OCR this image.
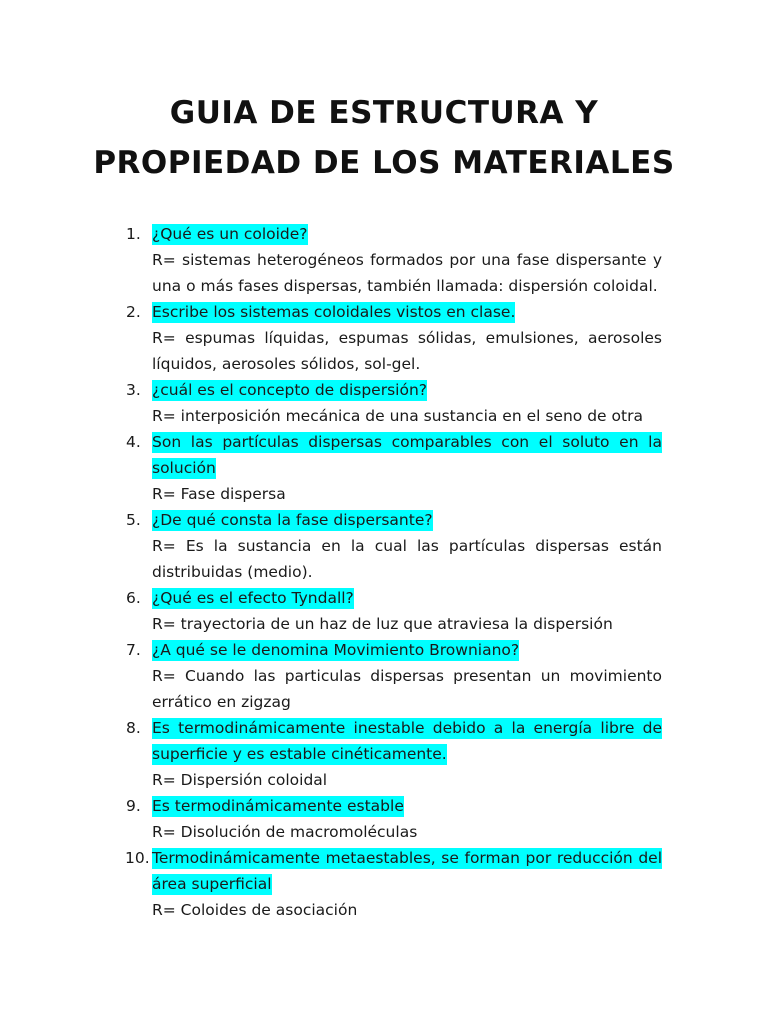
GUIA DE ESTRUCTURA Y
PROPIEDAD DE LOS MATERIALES
1. ¿Qué es un coloide?
R= sistemas heterogéneos formados por una fase dispersante y una o más fases dispersas, también llamada: dispersión coloidal.
2. Escribe los sistemas coloidales vistos en clase.
R= espumas líquidas, espumas sólidas, emulsiones, aerosoles líquidos, aerosoles sólidos, sol-gel.
3. ¿cuál es el concepto de dispersión?
R= interposición mecánica de una sustancia en el seno de otra
4. Son las partículas dispersas comparables con el soluto en la solución
R= Fase dispersa
5. ¿De qué consta la fase dispersante?
R= Es la sustancia en la cual las partículas dispersas están distribuidas (medio).
6. ¿Qué es el efecto Tyndall?
R= trayectoria de un haz de luz que atraviesa la dispersión
7. ¿A qué se le denomina Movimiento Browniano?
R= Cuando las particulas dispersas presentan un movimiento errático en zigzag
8. Es termodinámicamente inestable debido a la energía libre de superficie y es estable cinéticamente.
R= Dispersión coloidal
9. Es termodinámicamente estable
R= Disolución de macromoléculas
10. Termodinámicamente metaestables, se forman por reducción del área superficial
R= Coloides de asociación
